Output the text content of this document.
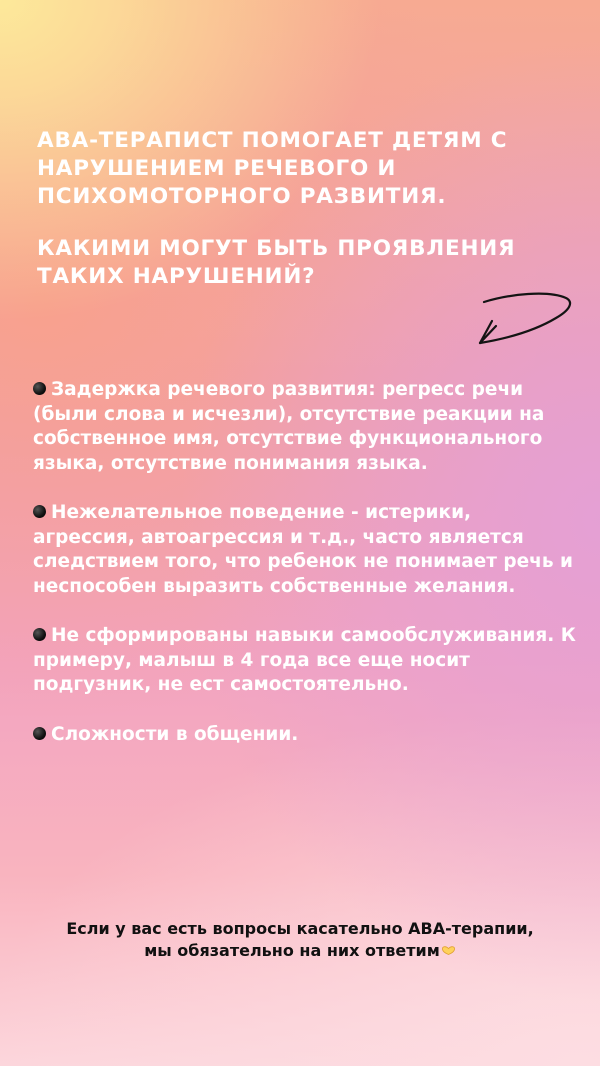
АВА-ТЕРАПИСТ ПОМОГАЕТ ДЕТЯМ С НАРУШЕНИЕМ РЕЧЕВОГО И ПСИХОМОТОРНОГО РАЗВИТИЯ.

КАКИМИ МОГУТ БЫТЬ ПРОЯВЛЕНИЯ ТАКИХ НАРУШЕНИЙ?

Задержка речевого развития: регресс речи (были слова и исчезли), отсутствие реакции на собственное имя, отсутствие функционального языка, отсутствие понимания языка.

Нежелательное поведение - истерики, агрессия, автоагрессия и т.д., часто является следствием того, что ребенок не понимает речь и неспособен выразить собственные желания.

Не сформированы навыки самообслуживания. К примеру, малыш в 4 года все еще носит подгузник, не ест самостоятельно.

Сложности в общении.

Если у вас есть вопросы касательно АВА-терапии,
мы обязательно на них ответим
